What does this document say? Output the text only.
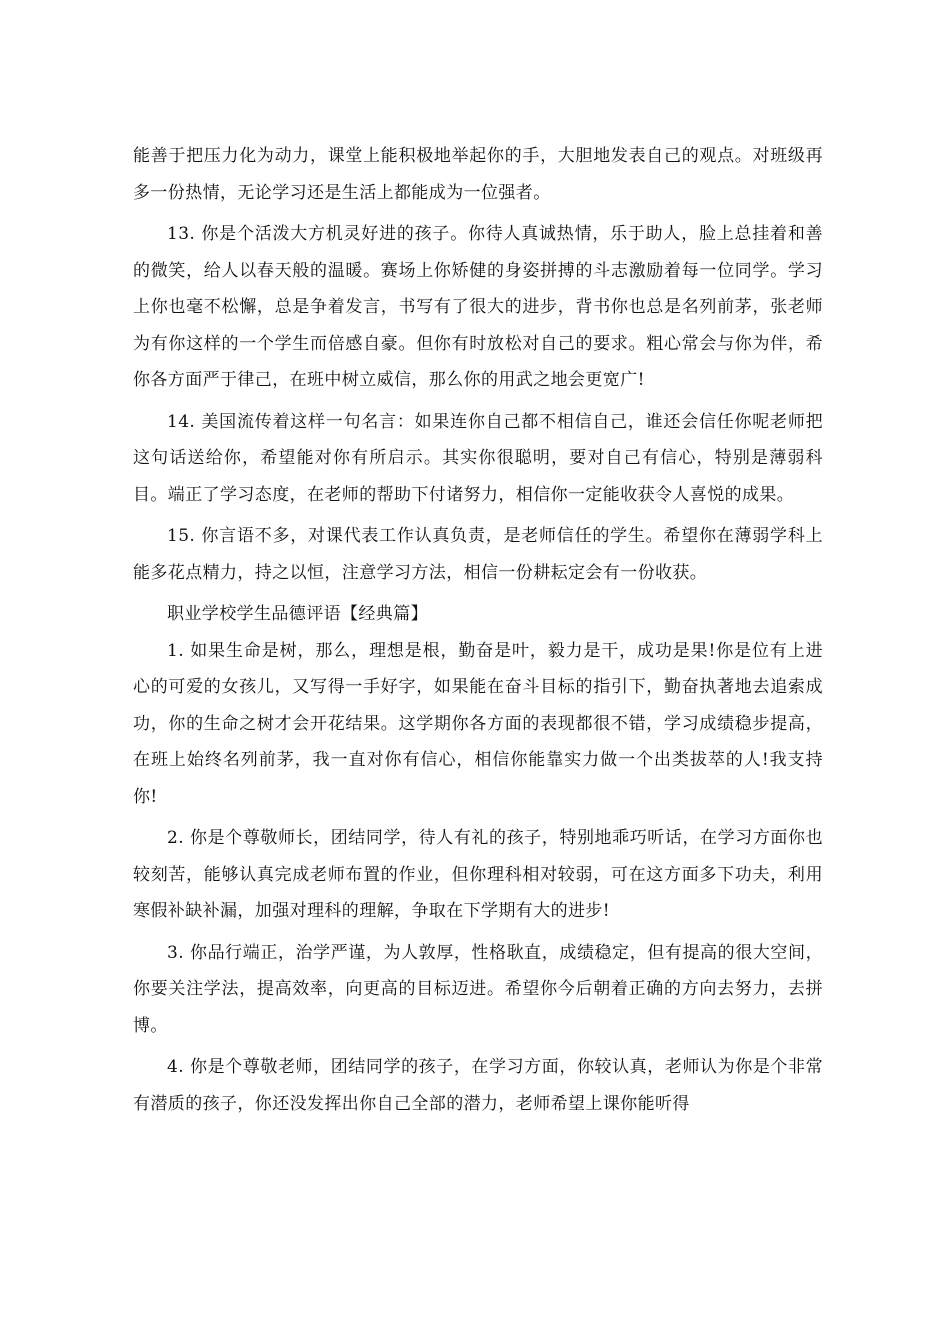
能善于把压力化为动力，课堂上能积极地举起你的手，大胆地发表自己的观点。对班级再多一份热情，无论学习还是生活上都能成为一位强者。

13. 你是个活泼大方机灵好进的孩子。你待人真诚热情，乐于助人，脸上总挂着和善的微笑，给人以春天般的温暖。赛场上你矫健的身姿拼搏的斗志激励着每一位同学。学习上你也毫不松懈，总是争着发言，书写有了很大的进步，背书你也总是名列前茅，张老师为有你这样的一个学生而倍感自豪。但你有时放松对自己的要求。粗心常会与你为伴，希你各方面严于律己，在班中树立威信，那么你的用武之地会更宽广!

14. 美国流传着这样一句名言：如果连你自己都不相信自己，谁还会信任你呢老师把这句话送给你，希望能对你有所启示。其实你很聪明，要对自己有信心，特别是薄弱科目。端正了学习态度，在老师的帮助下付诸努力，相信你一定能收获令人喜悦的成果。

15. 你言语不多，对课代表工作认真负责，是老师信任的学生。希望你在薄弱学科上能多花点精力，持之以恒，注意学习方法，相信一份耕耘定会有一份收获。

职业学校学生品德评语【经典篇】

1. 如果生命是树，那么，理想是根，勤奋是叶，毅力是干，成功是果!你是位有上进心的可爱的女孩儿，又写得一手好字，如果能在奋斗目标的指引下，勤奋执著地去追索成功，你的生命之树才会开花结果。这学期你各方面的表现都很不错，学习成绩稳步提高，在班上始终名列前茅，我一直对你有信心，相信你能靠实力做一个出类拔萃的人!我支持你!

2. 你是个尊敬师长，团结同学，待人有礼的孩子，特别地乖巧听话，在学习方面你也较刻苦，能够认真完成老师布置的作业，但你理科相对较弱，可在这方面多下功夫，利用寒假补缺补漏，加强对理科的理解，争取在下学期有大的进步!

3. 你品行端正，治学严谨，为人敦厚，性格耿直，成绩稳定，但有提高的很大空间，你要关注学法，提高效率，向更高的目标迈进。希望你今后朝着正确的方向去努力，去拼博。

4. 你是个尊敬老师，团结同学的孩子，在学习方面，你较认真，老师认为你是个非常有潜质的孩子，你还没发挥出你自己全部的潜力，老师希望上课你能听得
